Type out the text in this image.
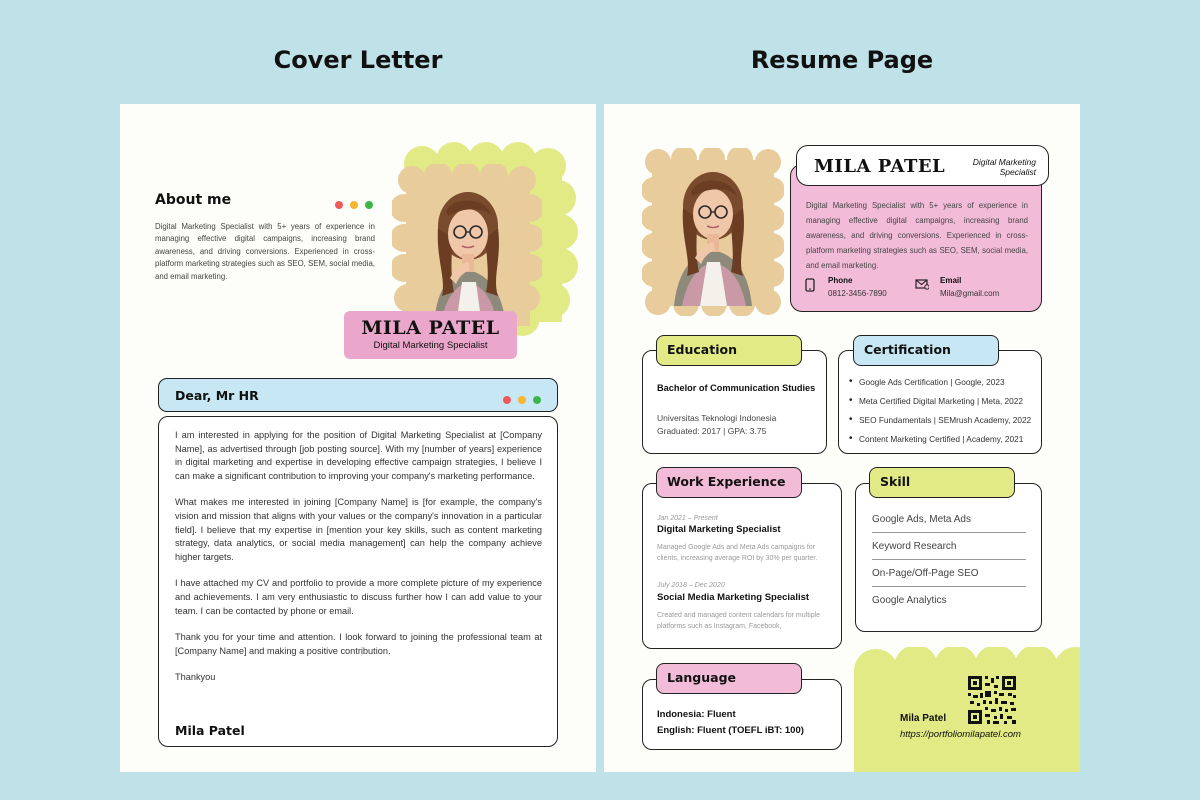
Cover Letter	Resume Page
MILA PATEL
Digital Marketing Specialist
About me
Digital Marketing Specialist with 5+ years of experience in managing effective digital campaigns, increasing brand awareness, and driving conversions. Experienced in cross-platform marketing strategies such as SEO, SEM, social media, and email marketing.
Dear, Mr HR

I am interested in applying for the position of Digital Marketing Specialist at [Company Name], as advertised through [job posting source]. With my [number of years] experience in digital marketing and expertise in developing effective campaign strategies, I believe I can make a significant contribution to improving your company's marketing performance.

What makes me interested in joining [Company Name] is [for example, the company's vision and mission that aligns with your values or the company's innovation in a particular field]. I believe that my expertise in [mention your key skills, such as content marketing strategy, data analytics, or social media management] can help the company achieve higher targets.

I have attached my CV and portfolio to provide a more complete picture of my experience and achievements. I am very enthusiastic to discuss further how I can add value to your team. I can be contacted by phone or email.

Thank you for your time and attention. I look forward to joining the professional team at [Company Name] and making a positive contribution.

Thankyou

Mila Patel
Digital Marketing Specialist with 5+ years of experience in managing effective digital campaigns, increasing brand awareness, and driving conversions. Experienced in cross-platform marketing strategies such as SEO, SEM, social media, and email marketing.
Phone
0812-3456-7890
Email
Mila@gmail.com
MILA PATEL	Digital Marketing Specialist
Bachelor of Communication Studies
Universitas Teknologi Indonesia
Graduated: 2017 | GPA: 3.75
Education
• Google Ads Certification | Google, 2023
• Meta Certified Digital Marketing | Meta, 2022
• SEO Fundamentals | SEMrush Academy, 2022
• Content Marketing Certified | Academy, 2021
Certification
Jan 2021 – Present
Digital Marketing Specialist
Managed Google Ads and Meta Ads campaigns for clients, increasing average ROI by 30% per quarter.
July 2018 – Dec 2020
Social Media Marketing Specialist
Created and managed content calendars for multiple platforms such as Instagram, Facebook,
Work Experience
Google Ads, Meta Ads
Keyword Research
On-Page/Off-Page SEO
Google Analytics
Skill
Indonesia: Fluent
English: Fluent (TOEFL iBT: 100)
Language
Mila Patel
https://portfoliomilapatel.com
